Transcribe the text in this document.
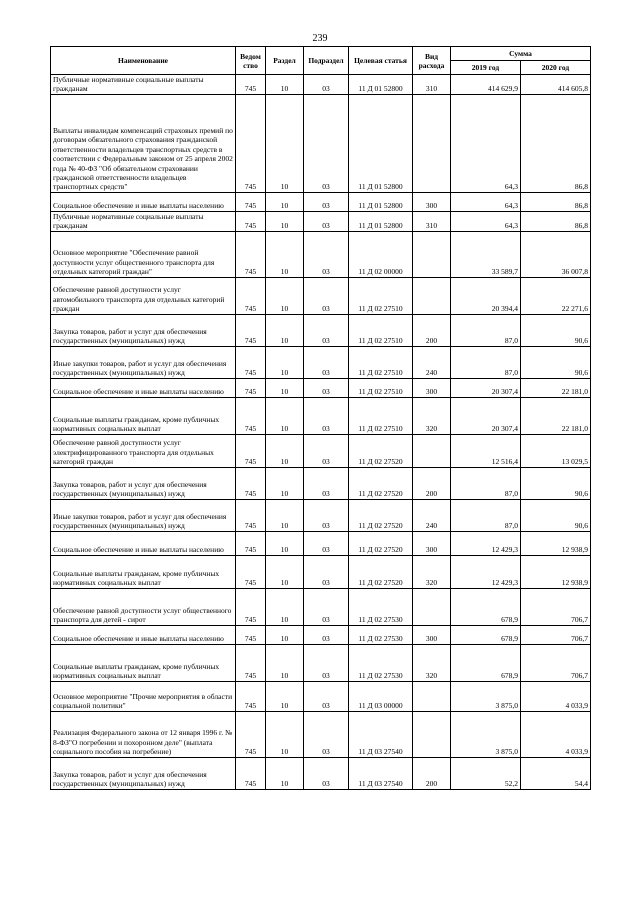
239
Наименование	Ведом ство	Раздел	Подраздел	Целевая статья	Вид расхода	Сумма	
						2019 год	2020 год
Публичные нормативные социальные выплаты гражданам	745	10	03	11 Д 01 52800	310	414 629,9	414 605,8
Выплаты инвалидам компенсаций страховых премий по договорам обязательного страхования гражданской ответственности владельцев транспортных средств в соответствии с Федеральным законом от 25 апреля 2002 года № 40-ФЗ "Об обязательном страховании гражданской ответственности владельцев транспортных средств"	745	10	03	11 Д 01 52800		64,3	86,8
Социальное обеспечение и иные выплаты населению	745	10	03	11 Д 01 52800	300	64,3	86,8
Публичные нормативные социальные выплаты гражданам	745	10	03	11 Д 01 52800	310	64,3	86,8
Основное мероприятие "Обеспечение равной доступности услуг общественного транспорта для отдельных категорий граждан"	745	10	03	11 Д 02 00000		33 589,7	36 007,8
Обеспечение равной доступности услуг автомобильного транспорта для отдельных категорий граждан	745	10	03	11 Д 02 27510		20 394,4	22 271,6
Закупка товаров, работ и услуг для обеспечения государственных (муниципальных) нужд	745	10	03	11 Д 02 27510	200	87,0	90,6
Иные закупки товаров, работ и услуг для обеспечения государственных (муниципальных) нужд	745	10	03	11 Д 02 27510	240	87,0	90,6
Социальное обеспечение и иные выплаты населению	745	10	03	11 Д 02 27510	300	20 307,4	22 181,0
Социальные выплаты гражданам, кроме публичных нормативных социальных выплат	745	10	03	11 Д 02 27510	320	20 307,4	22 181,0
Обеспечение равной доступности услуг электрифицированного транспорта для отдельных категорий граждан	745	10	03	11 Д 02 27520		12 516,4	13 029,5
Закупка товаров, работ и услуг для обеспечения государственных (муниципальных) нужд	745	10	03	11 Д 02 27520	200	87,0	90,6
Иные закупки товаров, работ и услуг для обеспечения государственных (муниципальных) нужд	745	10	03	11 Д 02 27520	240	87,0	90,6
Социальное обеспечение и иные выплаты населению	745	10	03	11 Д 02 27520	300	12 429,3	12 938,9
Социальные выплаты гражданам, кроме публичных нормативных социальных выплат	745	10	03	11 Д 02 27520	320	12 429,3	12 938,9
Обеспечение равной доступности услуг общественного транспорта для детей - сирот	745	10	03	11 Д 02 27530		678,9	706,7
Социальное обеспечение и иные выплаты населению	745	10	03	11 Д 02 27530	300	678,9	706,7
Социальные выплаты гражданам, кроме публичных нормативных социальных выплат	745	10	03	11 Д 02 27530	320	678,9	706,7
Основное мероприятие "Прочие мероприятия в области социальной политики"	745	10	03	11 Д 03 00000		3 875,0	4 033,9
Реализация Федерального закона от 12 января 1996 г. № 8-ФЗ"О погребении и похоронном деле" (выплата социального пособия на погребение)	745	10	03	11 Д 03 27540		3 875,0	4 033,9
Закупка товаров, работ и услуг для обеспечения государственных (муниципальных) нужд	745	10	03	11 Д 03 27540	200	52,2	54,4
